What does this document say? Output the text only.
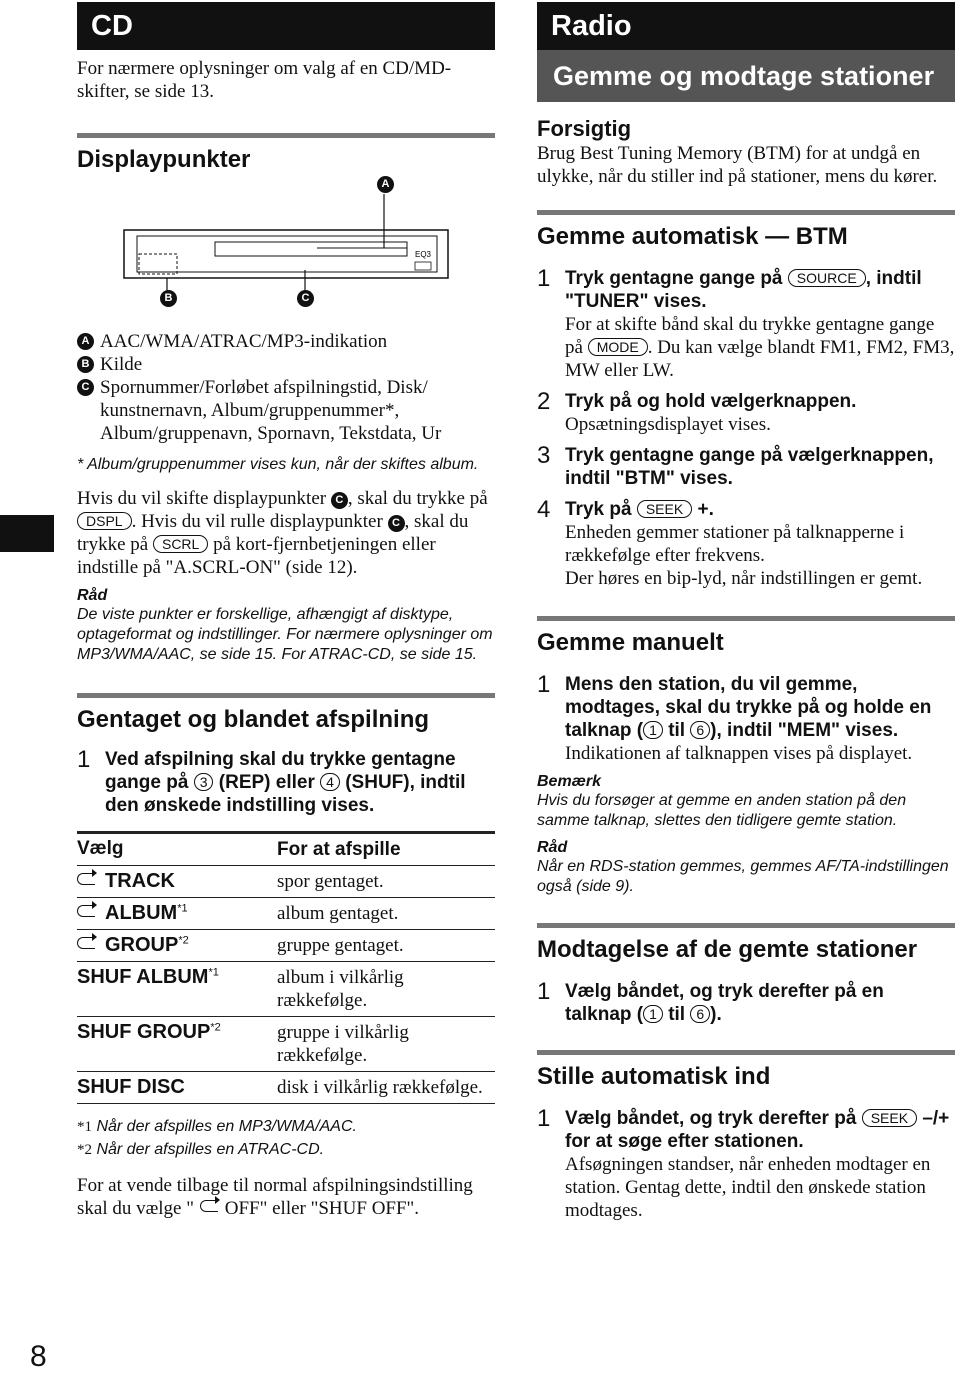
8
CD
For nærmere oplysninger om valg af en CD/MD-skifter, se side 13.
Displaypunkter
EQ3
A
B	C
A AAC/WMA/ATRAC/MP3-indikation
B Kilde
C Spornummer/Forløbet afspilningstid, Disk/ kunstnernavn, Album/gruppenummer*, Album/gruppenavn, Spornavn, Tekstdata, Ur
* Album/gruppenummer vises kun, når der skiftes album.
Hvis du vil skifte displaypunkter C , skal du trykke på DSPL . Hvis du vil rulle displaypunkter C , skal du trykke på SCRL på kort-fjernbetjeningen eller indstille på "A.SCRL-ON" (side 12).
Råd
De viste punkter er forskellige, afhængigt af disktype, optageformat og indstillinger. For nærmere oplysninger om MP3/WMA/AAC, se side 15. For ATRAC-CD, se side 15.
Gentaget og blandet afspilning
1 Ved afspilning skal du trykke gentagne gange på 3 (REP) eller 4 (SHUF), indtil den ønskede indstilling vises.
Vælg	For at afspille
TRACK	spor gentaget.
ALBUM$^{*1}$	album gentaget.
GROUP$^{*2}$	gruppe gentaget.
SHUF ALBUM$^{*1}$	album i vilkårlig rækkefølge.
SHUF GROUP$^{*2}$	gruppe i vilkårlig rækkefølge.
SHUF DISC	disk i vilkårlig rækkefølge.
*1 Når der afspilles en MP3/WMA/AAC.
*2 Når der afspilles en ATRAC-CD.
For at vende tilbage til normal afspilningsindstilling skal du vælge " OFF" eller "SHUF OFF".
Radio
Gemme og modtage stationer
Forsigtig
Brug Best Tuning Memory (BTM) for at undgå en ulykke, når du stiller ind på stationer, mens du kører.
Gemme automatisk — BTM
1 Tryk gentagne gange på SOURCE , indtil "TUNER" vises.
For at skifte bånd skal du trykke gentagne gange på MODE . Du kan vælge blandt FM1, FM2, FM3, MW eller LW.
2 Tryk på og hold vælgerknappen.
Opsætningsdisplayet vises.
3 Tryk gentagne gange på vælgerknappen, indtil "BTM" vises.
4 Tryk på SEEK +.
Enheden gemmer stationer på talknapperne i rækkefølge efter frekvens.
Der høres en bip-lyd, når indstillingen er gemt.
Gemme manuelt
1 Mens den station, du vil gemme, modtages, skal du trykke på og holde en talknap ( 1 til 6 ), indtil "MEM" vises.
Indikationen af talknappen vises på displayet.
Bemærk
Hvis du forsøger at gemme en anden station på den samme talknap, slettes den tidligere gemte station.
Råd
Når en RDS-station gemmes, gemmes AF/TA-indstillingen også (side 9).
Modtagelse af de gemte stationer
1 Vælg båndet, og tryk derefter på en talknap ( 1 til 6 ).
Stille automatisk ind
1 Vælg båndet, og tryk derefter på SEEK –/+ for at søge efter stationen.
Afsøgningen standser, når enheden modtager en station. Gentag dette, indtil den ønskede station modtages.
